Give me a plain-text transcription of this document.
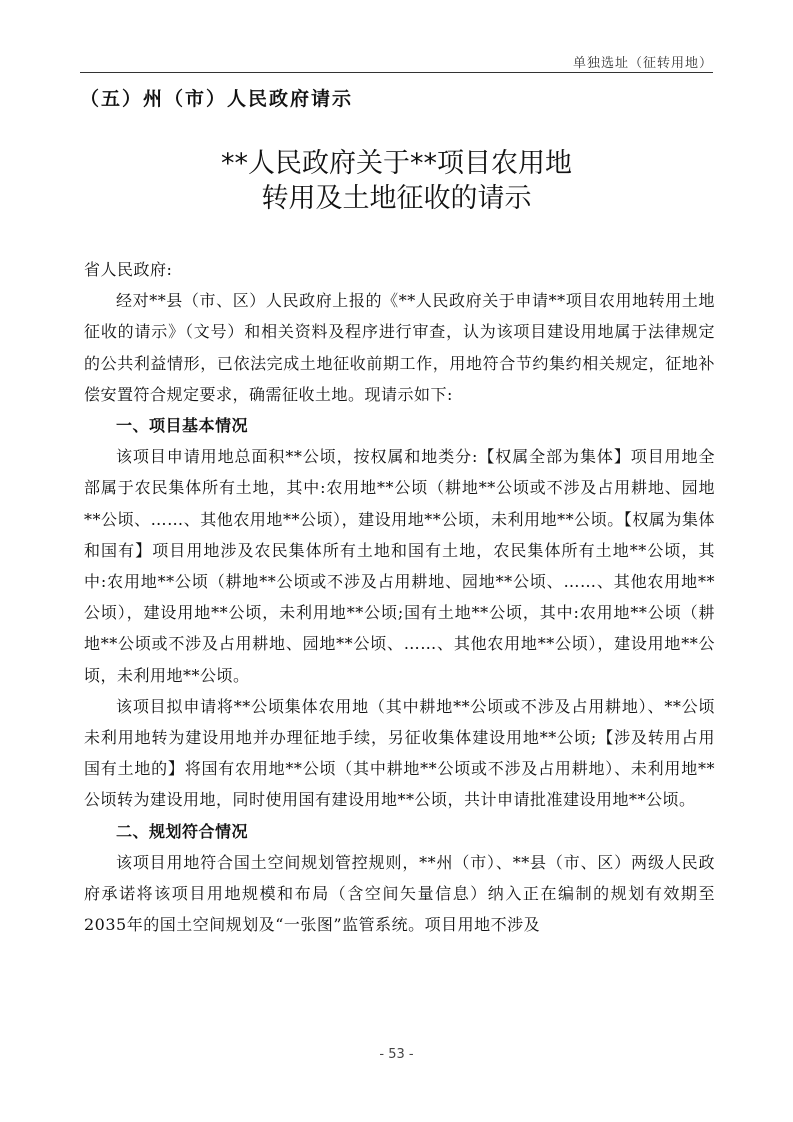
单独选址（征转用地）
（五）州（市）人民政府请示
**人民政府关于**项目农用地
转用及土地征收的请示

省人民政府:

经对**县（市、区）人民政府上报的《**人民政府关于申请**项目农用地转用土地征收的请示》（文号）和相关资料及程序进行审查，认为该项目建设用地属于法律规定的公共利益情形，已依法完成土地征收前期工作，用地符合节约集约相关规定，征地补偿安置符合规定要求，确需征收土地。现请示如下:

一、项目基本情况

该项目申请用地总面积**公顷，按权属和地类分:【权属全部为集体】项目用地全部属于农民集体所有土地，其中:农用地**公顷（耕地**公顷或不涉及占用耕地、园地**公顷、……、其他农用地**公顷），建设用地**公顷，未利用地**公顷。【权属为集体和国有】项目用地涉及农民集体所有土地和国有土地，农民集体所有土地**公顷，其中:农用地**公顷（耕地**公顷或不涉及占用耕地、园地**公顷、……、其他农用地**公顷），建设用地**公顷，未利用地**公顷;国有土地**公顷，其中:农用地**公顷（耕地**公顷或不涉及占用耕地、园地**公顷、……、其他农用地**公顷），建设用地**公顷，未利用地**公顷。

该项目拟申请将**公顷集体农用地（其中耕地**公顷或不涉及占用耕地）、**公顷未利用地转为建设用地并办理征地手续，另征收集体建设用地**公顷;【涉及转用占用国有土地的】将国有农用地**公顷（其中耕地**公顷或不涉及占用耕地）、未利用地**公顷转为建设用地，同时使用国有建设用地**公顷，共计申请批准建设用地**公顷。

二、规划符合情况

该项目用地符合国土空间规划管控规则，**州（市）、**县（市、区）两级人民政府承诺将该项目用地规模和布局（含空间矢量信息）纳入正在编制的规划有效期至2035年的国土空间规划及“一张图”监管系统。项目用地不涉及

- 53 -
